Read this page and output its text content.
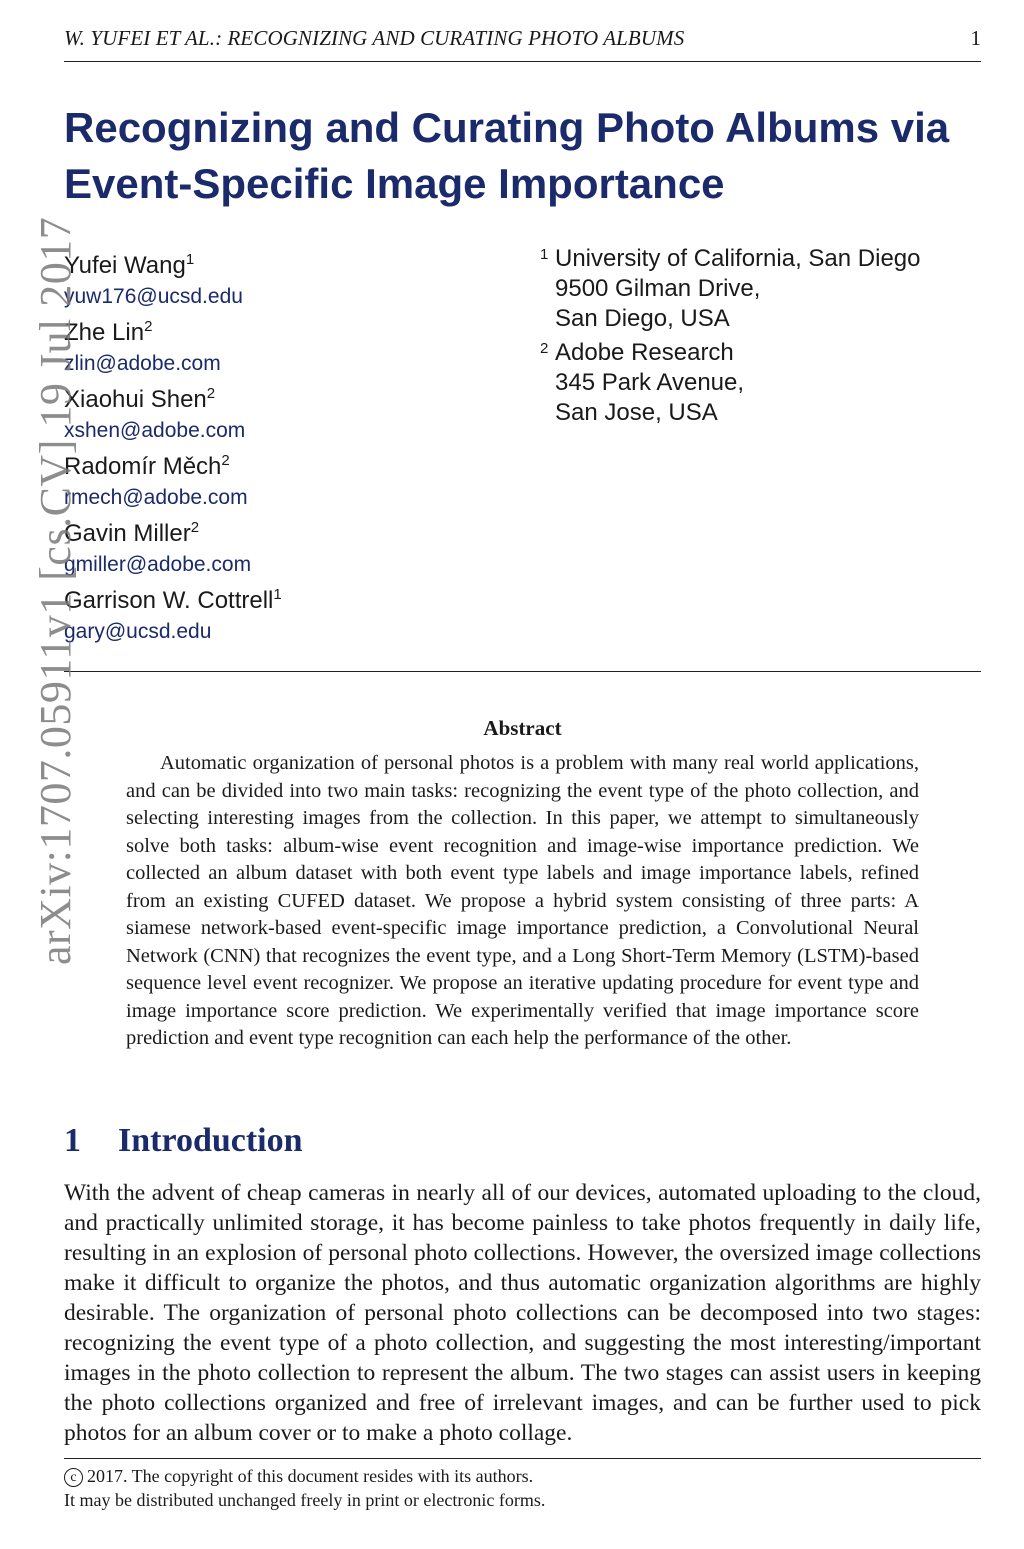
W. YUFEI ET AL.: RECOGNIZING AND CURATING PHOTO ALBUMS	1
arXiv:1707.05911v1 [cs.CV] 19 Jul 2017
Recognizing and Curating Photo Albums via Event-Specific Image Importance
Yufei Wang$^1$
yuw176@ucsd.edu
Zhe Lin$^2$
zlin@adobe.com
Xiaohui Shen$^2$
xshen@adobe.com
Radomír Měch$^2$
rmech@adobe.com
Gavin Miller$^2$
gmiller@adobe.com
Garrison W. Cottrell$^1$
gary@ucsd.edu
1 University of California, San Diego
9500 Gilman Drive,
San Diego, USA
2 Adobe Research
345 Park Avenue,
San Jose, USA
Abstract

Automatic organization of personal photos is a problem with many real world applications, and can be divided into two main tasks: recognizing the event type of the photo collection, and selecting interesting images from the collection. In this paper, we attempt to simultaneously solve both tasks: album-wise event recognition and image-wise importance prediction. We collected an album dataset with both event type labels and image importance labels, refined from an existing CUFED dataset. We propose a hybrid system consisting of three parts: A siamese network-based event-specific image importance prediction, a Convolutional Neural Network (CNN) that recognizes the event type, and a Long Short-Term Memory (LSTM)-based sequence level event recognizer. We propose an iterative updating procedure for event type and image importance score prediction. We experimentally verified that image importance score prediction and event type recognition can each help the performance of the other.

1 Introduction

With the advent of cheap cameras in nearly all of our devices, automated uploading to the cloud, and practically unlimited storage, it has become painless to take photos frequently in daily life, resulting in an explosion of personal photo collections. However, the oversized image collections make it difficult to organize the photos, and thus automatic organization algorithms are highly desirable. The organization of personal photo collections can be decomposed into two stages: recognizing the event type of a photo collection, and suggesting the most interesting/important images in the photo collection to represent the album. The two stages can assist users in keeping the photo collections organized and free of irrelevant images, and can be further used to pick photos for an album cover or to make a photo collage.

c 2017. The copyright of this document resides with its authors.
It may be distributed unchanged freely in print or electronic forms.
